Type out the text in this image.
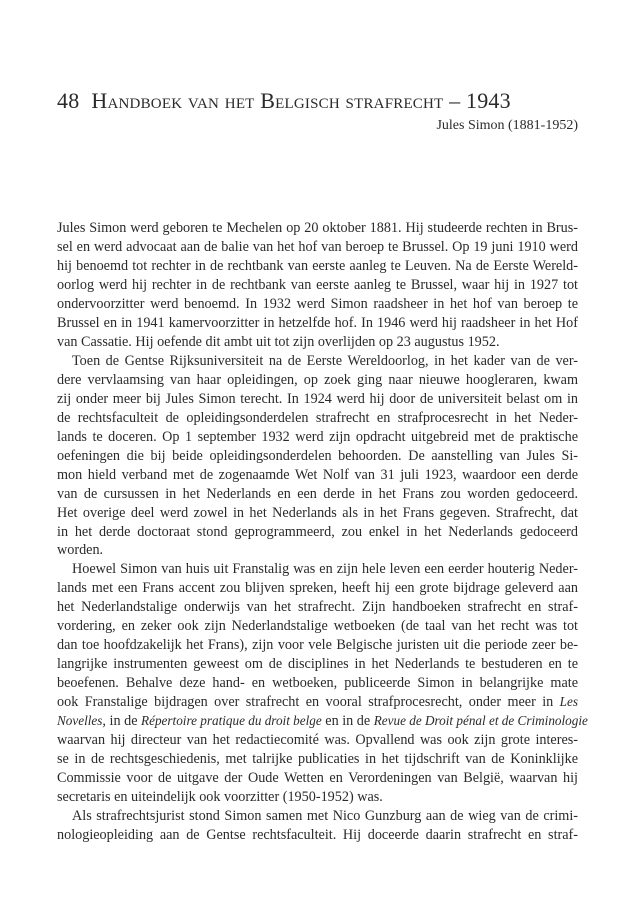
48 Handboek van het Belgisch strafrecht – 1943
Jules Simon (1881-1952)

Jules Simon werd geboren te Mechelen op 20 oktober 1881. Hij studeerde rechten in Brus-
sel en werd advocaat aan de balie van het hof van beroep te Brussel. Op 19 juni 1910 werd
hij benoemd tot rechter in de rechtbank van eerste aanleg te Leuven. Na de Eerste Wereld-
oorlog werd hij rechter in de rechtbank van eerste aanleg te Brussel, waar hij in 1927 tot
ondervoorzitter werd benoemd. In 1932 werd Simon raadsheer in het hof van beroep te
Brussel en in 1941 kamervoorzitter in hetzelfde hof. In 1946 werd hij raadsheer in het Hof
van Cassatie. Hij oefende dit ambt uit tot zijn overlijden op 23 augustus 1952.

Toen de Gentse Rijksuniversiteit na de Eerste Wereldoorlog, in het kader van de ver-
dere vervlaamsing van haar opleidingen, op zoek ging naar nieuwe hoogleraren, kwam
zij onder meer bij Jules Simon terecht. In 1924 werd hij door de universiteit belast om in
de rechtsfaculteit de opleidingsonderdelen strafrecht en strafprocesrecht in het Neder-
lands te doceren. Op 1 september 1932 werd zijn opdracht uitgebreid met de praktische
oefeningen die bij beide opleidingsonderdelen behoorden. De aanstelling van Jules Si-
mon hield verband met de zogenaamde Wet Nolf van 31 juli 1923, waardoor een derde
van de cursussen in het Nederlands en een derde in het Frans zou worden gedoceerd.
Het overige deel werd zowel in het Nederlands als in het Frans gegeven. Strafrecht, dat
in het derde doctoraat stond geprogrammeerd, zou enkel in het Nederlands gedoceerd
worden.

Hoewel Simon van huis uit Franstalig was en zijn hele leven een eerder houterig Neder-
lands met een Frans accent zou blijven spreken, heeft hij een grote bijdrage geleverd aan
het Nederlandstalige onderwijs van het strafrecht. Zijn handboeken strafrecht en straf-
vordering, en zeker ook zijn Nederlandstalige wetboeken (de taal van het recht was tot
dan toe hoofdzakelijk het Frans), zijn voor vele Belgische juristen uit die periode zeer be-
langrijke instrumenten geweest om de disciplines in het Nederlands te bestuderen en te
beoefenen. Behalve deze hand- en wetboeken, publiceerde Simon in belangrijke mate
ook Franstalige bijdragen over strafrecht en vooral strafprocesrecht, onder meer in Les
Novelles, in de Répertoire pratique du droit belge en in de Revue de Droit pénal et de Criminologie
waarvan hij directeur van het redactiecomité was. Opvallend was ook zijn grote interes-
se in de rechtsgeschiedenis, met talrijke publicaties in het tijdschrift van de Koninklijke
Commissie voor de uitgave der Oude Wetten en Verordeningen van België, waarvan hij
secretaris en uiteindelijk ook voorzitter (1950-1952) was.

Als strafrechtsjurist stond Simon samen met Nico Gunzburg aan de wieg van de crimi-
nologieopleiding aan de Gentse rechtsfaculteit. Hij doceerde daarin strafrecht en straf-
